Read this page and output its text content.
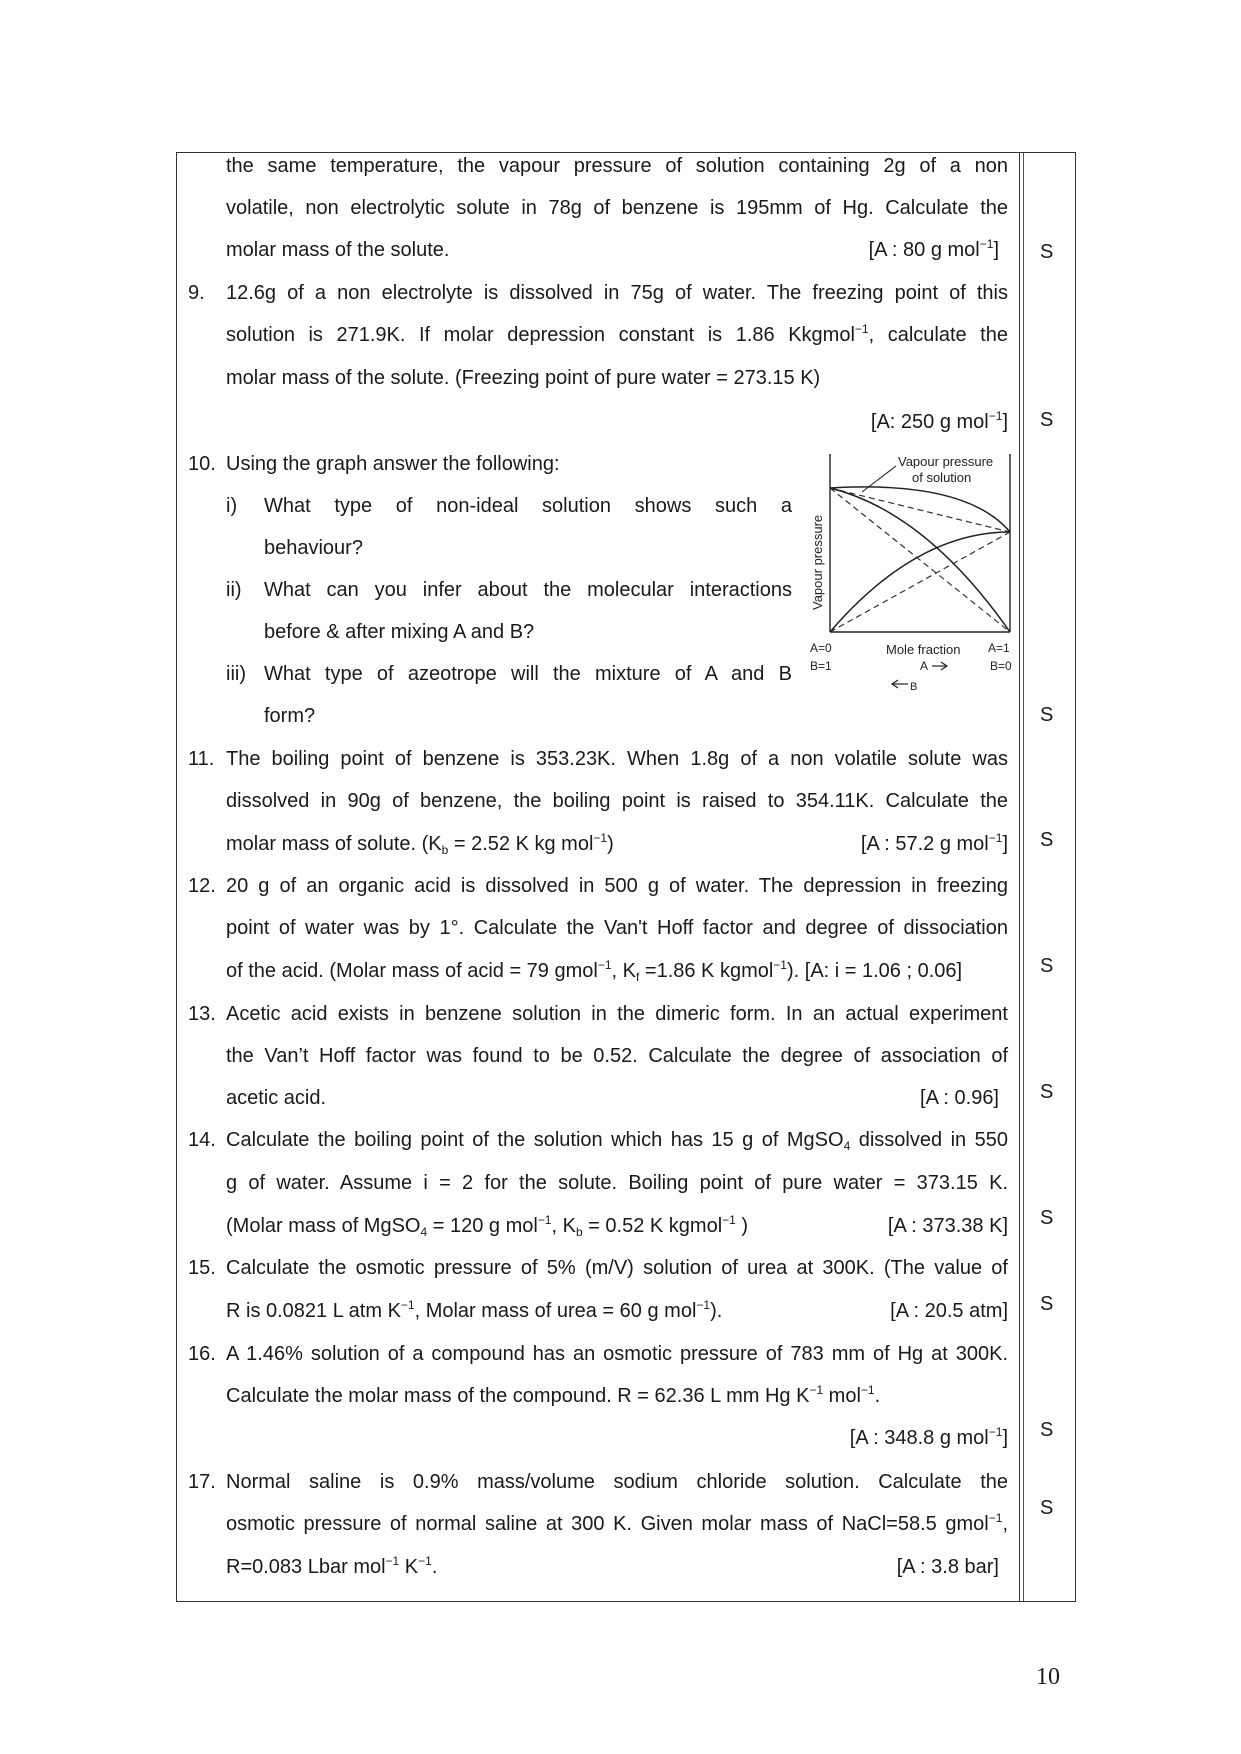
the same temperature, the vapour pressure of solution containing 2g of a non
volatile, non electrolytic solute in 78g of benzene is 195mm of Hg. Calculate the
molar mass of the solute.	[A : 80 g mol$^{-1}$] S
9. 12.6g of a non electrolyte is dissolved in 75g of water. The freezing point of this
solution is 271.9K. If molar depression constant is 1.86 Kkgmol$^{-1}$, calculate the
molar mass of the solute. (Freezing point of pure water = 273.15 K)
[A: 250 g mol$^{-1}$] S
10. Using the graph answer the following:
i) What type of non-ideal solution shows such a
behaviour?
ii) What can you infer about the molecular interactions
before & after mixing A and B?
iii) What type of azeotrope will the mixture of A and B
form?	S
Vapour pressure
of solution
Vapour pressure
A=0
B=1
Mole fraction
A
B
A=1
B=0
11. The boiling point of benzene is 353.23K. When 1.8g of a non volatile solute was
dissolved in 90g of benzene, the boiling point is raised to 354.11K. Calculate the
molar mass of solute. ($K_b = 2.52$ K kg mol$^{-1}$)	[A : 57.2 g mol$^{-1}$] S
12. 20 g of an organic acid is dissolved in 500 g of water. The depression in freezing
point of water was by 1°. Calculate the Van't Hoff factor and degree of dissociation
of the acid. (Molar mass of acid = 79 gmol$^{-1}$, $K_f =1.86$ K kgmol$^{-1}$). [A: i = 1.06 ; 0.06]	S
13. Acetic acid exists in benzene solution in the dimeric form. In an actual experiment
the Van’t Hoff factor was found to be 0.52. Calculate the degree of association of
acetic acid.	[A : 0.96] S
14. Calculate the boiling point of the solution which has 15 g of MgSO$_4$ dissolved in 550
g of water. Assume i = 2 for the solute. Boiling point of pure water = 373.15 K.
(Molar mass of MgSO$_4$ = 120 g mol$^{-1}$, $K_b = 0.52$ K kgmol$^{-1}$ )	[A : 373.38 K] S
15. Calculate the osmotic pressure of 5% (m/V) solution of urea at 300K. (The value of
R is 0.0821 L atm $K^{-1}$, Molar mass of urea = 60 g mol$^{-1}$).	[A : 20.5 atm] S
16. A 1.46% solution of a compound has an osmotic pressure of 783 mm of Hg at 300K.
Calculate the molar mass of the compound. R = 62.36 L mm Hg $K^{-1}$ mol$^{-1}$.
[A : 348.8 g mol$^{-1}$] S
17. Normal saline is 0.9% mass/volume sodium chloride solution. Calculate the
osmotic pressure of normal saline at 300 K. Given molar mass of NaCl=58.5 gmol$^{-1}$,
R=0.083 Lbar mol$^{-1}$ $K^{-1}$.	[A : 3.8 bar]
S
10
